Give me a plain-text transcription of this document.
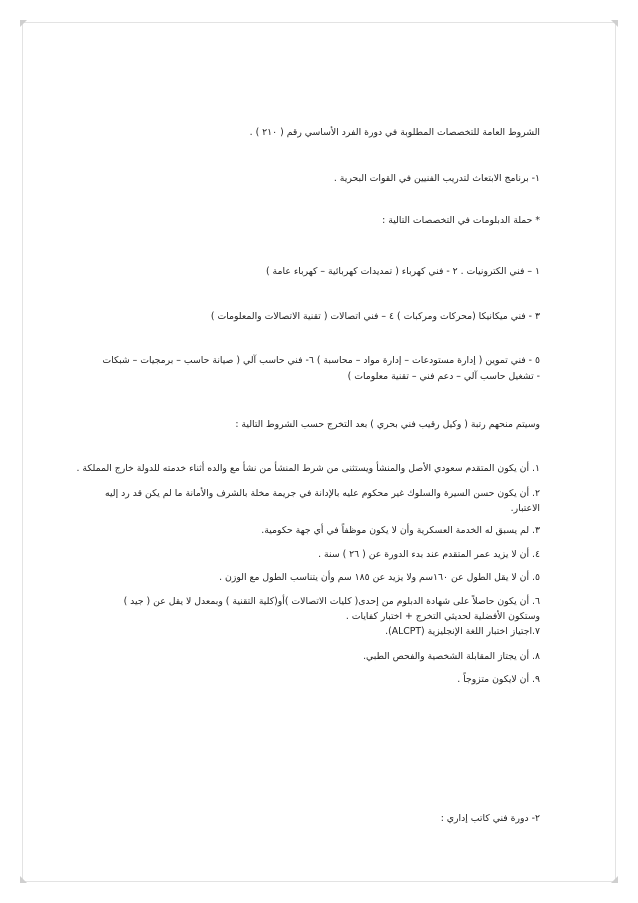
الشروط العامة للتخصصات المطلوبة في دورة الفرد الأساسي رقم ( ٢١٠ ) .
١- برنامج الابتعاث لتدريب الفنيين في القوات البحرية .
* حملة الدبلومات في التخصصات التالية :
١ – فني الكترونيات . ٢ - فني كهرباء ( تمديدات كهربائية – كهرباء عامة )
٣ - فني ميكانيكا (محركات ومركبات ) ٤ – فني اتصالات ( تقنية الاتصالات والمعلومات )
٥ - فني تموين ( إدارة مستودعات – إدارة مواد – محاسبة ) ٦- فني حاسب آلي ( صيانة حاسب – برمجيات – شبكات
- تشغيل حاسب آلي – دعم فني – تقنية معلومات )
وسيتم منحهم رتبة ( وكيل رقيب فني بحري ) بعد التخرج حسب الشروط التالية :
١. أن يكون المتقدم سعودي الأصل والمنشأ ويستثنى من شرط المنشأ من نشأ مع والده أثناء خدمته للدولة خارج المملكة .
٢. أن يكون حسن السيرة والسلوك غير محكوم عليه بالإدانة في جريمة مخلة بالشرف والأمانة ما لم يكن قد رد إليه
الاعتبار.
٣. لم يسبق له الخدمة العسكرية وأن لا يكون موظفاً في أي جهة حكومية.
٤. أن لا يزيد عمر المتقدم عند بدء الدورة عن ( ٢٦ ) سنة .
٥. أن لا يقل الطول عن ١٦٠سم ولا يزيد عن ١٨٥ سم وأن يتناسب الطول مع الوزن .
٦. أن يكون حاصلاً على شهادة الدبلوم من إحدى( كليات الاتصالات )أو(كلية التقنية ) وبمعدل لا يقل عن ( جيد )
وستكون الأفضلية لحديثي التخرج + اختبار كفايات .
٧.اجتياز اختبار اللغة الإنجليزية (ALCPT).
٨. أن يجتاز المقابلة الشخصية والفحص الطبي.
٩. أن لايكون متزوجاً .
٢- دورة فني كاتب إداري :
